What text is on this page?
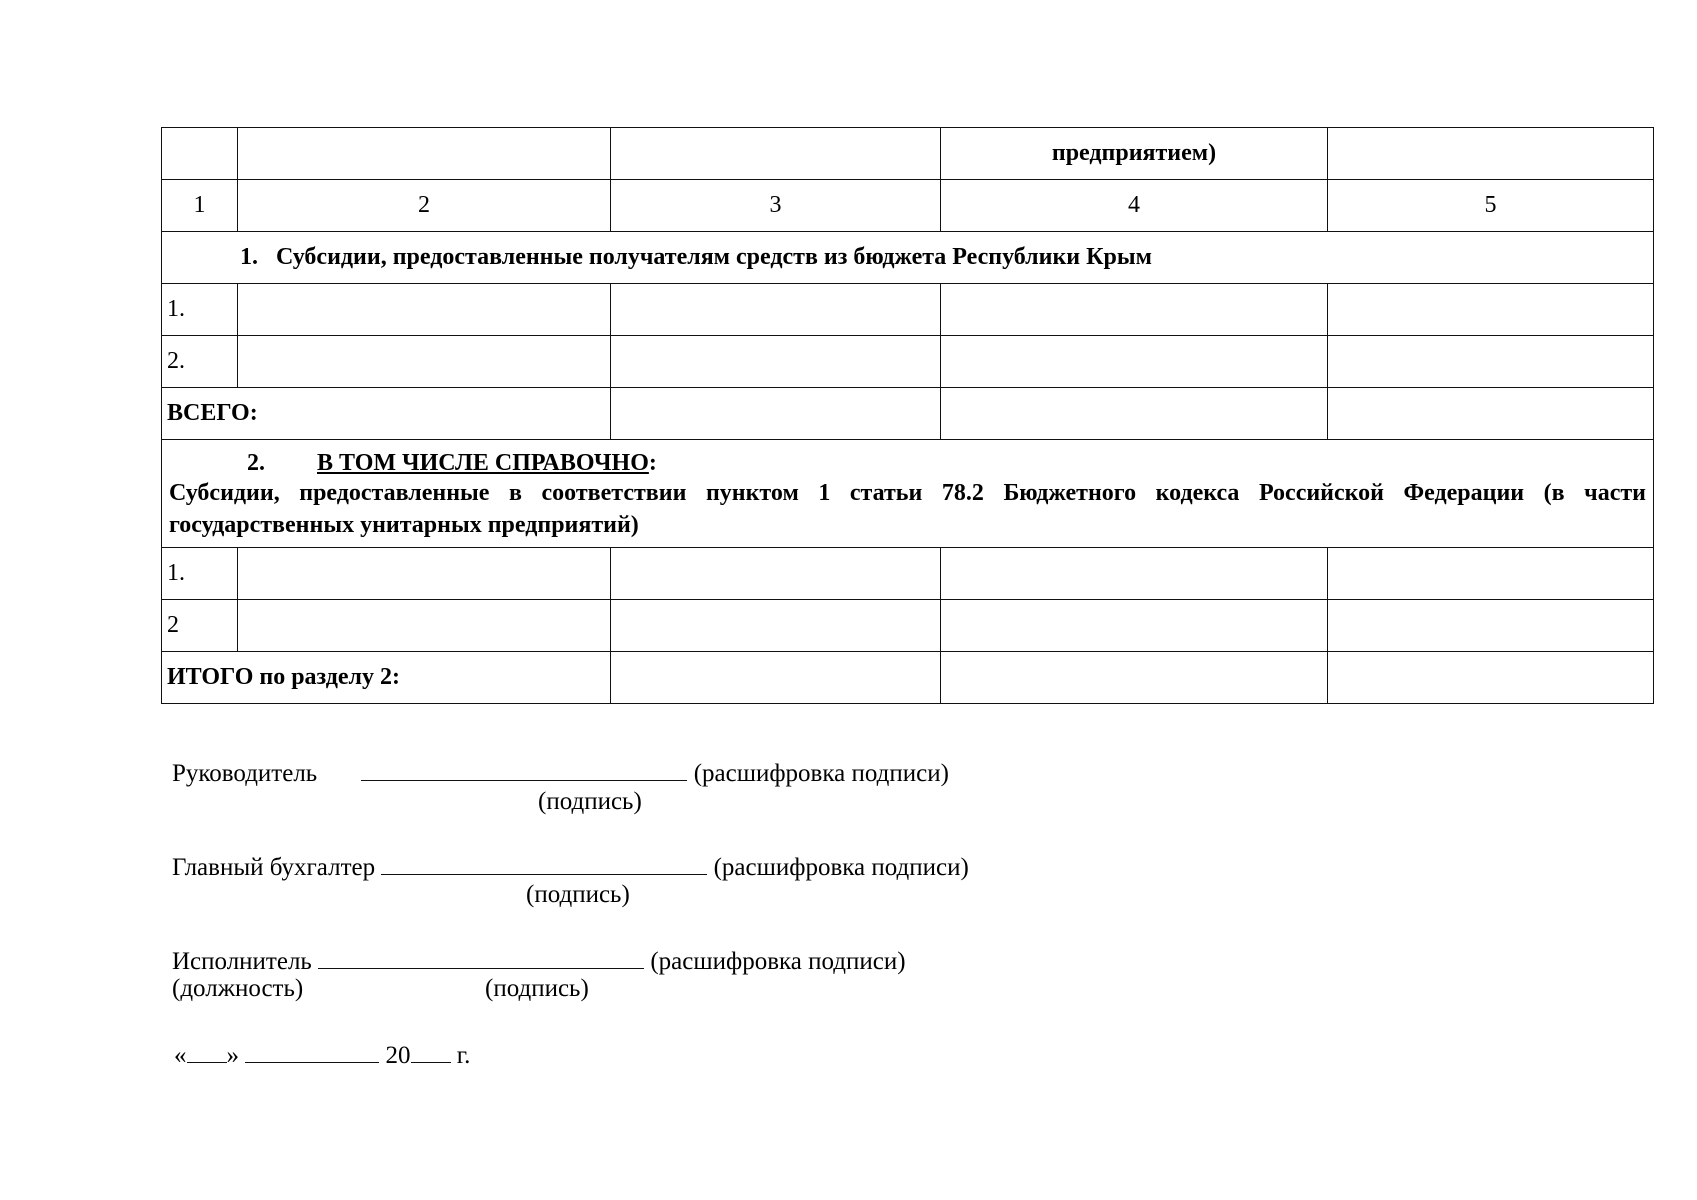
			предприятием)	
1	2	3	4	5
1. Субсидии, предоставленные получателям средств из бюджета Республики Крым				
1.				
2.				
ВСЕГО:				

2. В ТОМ ЧИСЛЕ СПРАВОЧНО:
Субсидии, предоставленные в соответствии пунктом 1 статьи 78.2 Бюджетного кодекса Российской Федерации (в части государственных унитарных предприятий)				

1.				
2				
ИТОГО по разделу 2:				
Руководитель	(расшифровка подписи)
(подпись)
Главный бухгалтер	(расшифровка подписи)
(подпись)
Исполнитель	(расшифровка подписи)
(должность)	(подпись)
« »	20 г.
